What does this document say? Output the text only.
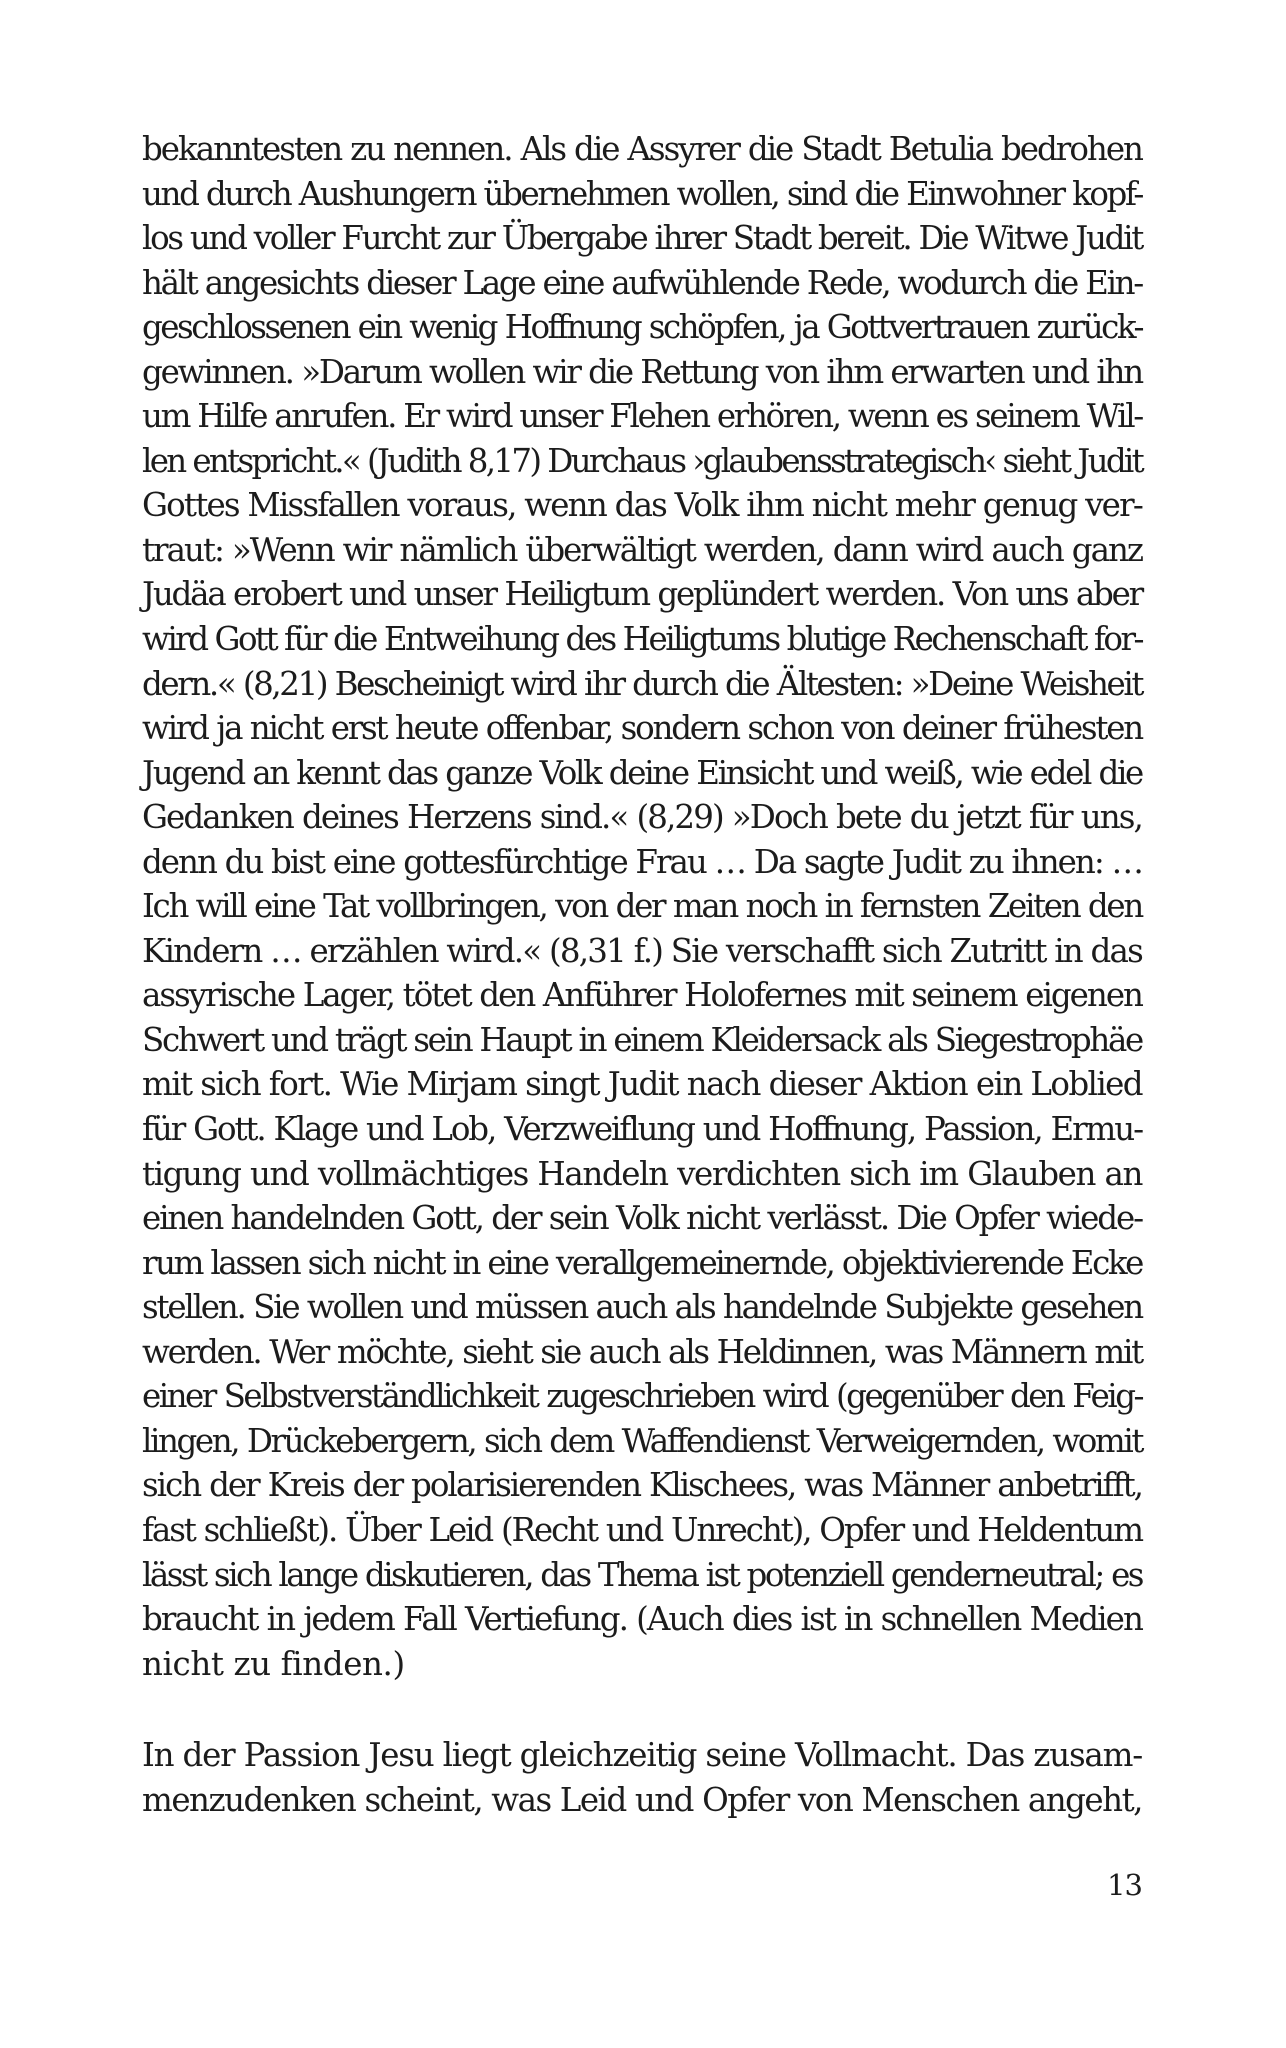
bekanntesten zu nennen. Als die Assyrer die Stadt Betulia bedrohen
und durch Aushungern übernehmen wollen, sind die Einwohner kopf-
los und voller Furcht zur Übergabe ihrer Stadt bereit. Die Witwe Judit
hält angesichts dieser Lage eine aufwühlende Rede, wodurch die Ein-
geschlossenen ein wenig Hoffnung schöpfen, ja Gottvertrauen zurück-
gewinnen. »Darum wollen wir die Rettung von ihm erwarten und ihn
um Hilfe anrufen. Er wird unser Flehen erhören, wenn es seinem Wil-
len entspricht.« (Judith 8,17) Durchaus ›glaubensstrategisch‹ sieht Judit
Gottes Missfallen voraus, wenn das Volk ihm nicht mehr genug ver-
traut: »Wenn wir nämlich überwältigt werden, dann wird auch ganz
Judäa erobert und unser Heiligtum geplündert werden. Von uns aber
wird Gott für die Entweihung des Heiligtums blutige Rechenschaft for-
dern.« (8,21) Bescheinigt wird ihr durch die Ältesten: »Deine Weisheit
wird ja nicht erst heute offenbar, sondern schon von deiner frühesten
Jugend an kennt das ganze Volk deine Einsicht und weiß, wie edel die
Gedanken deines Herzens sind.« (8,29) »Doch bete du jetzt für uns,
denn du bist eine gottesfürchtige Frau … Da sagte Judit zu ihnen: …
Ich will eine Tat vollbringen, von der man noch in fernsten Zeiten den
Kindern … erzählen wird.« (8,31 f.) Sie verschafft sich Zutritt in das
assyrische Lager, tötet den Anführer Holofernes mit seinem eigenen
Schwert und trägt sein Haupt in einem Kleidersack als Siegestrophäe
mit sich fort. Wie Mirjam singt Judit nach dieser Aktion ein Loblied
für Gott. Klage und Lob, Verzweiflung und Hoffnung, Passion, Ermu-
tigung und vollmächtiges Handeln verdichten sich im Glauben an
einen handelnden Gott, der sein Volk nicht verlässt. Die Opfer wiede-
rum lassen sich nicht in eine verallgemeinernde, objektivierende Ecke
stellen. Sie wollen und müssen auch als handelnde Subjekte gesehen
werden. Wer möchte, sieht sie auch als Heldinnen, was Männern mit
einer Selbstverständlichkeit zugeschrieben wird (gegenüber den Feig-
lingen, Drückebergern, sich dem Waffendienst Verweigernden, womit
sich der Kreis der polarisierenden Klischees, was Männer anbetrifft,
fast schließt). Über Leid (Recht und Unrecht), Opfer und Heldentum
lässt sich lange diskutieren, das Thema ist potenziell genderneutral; es
braucht in jedem Fall Vertiefung. (Auch dies ist in schnellen Medien
nicht zu finden.)
In der Passion Jesu liegt gleichzeitig seine Vollmacht. Das zusam-
menzudenken scheint, was Leid und Opfer von Menschen angeht,
13
